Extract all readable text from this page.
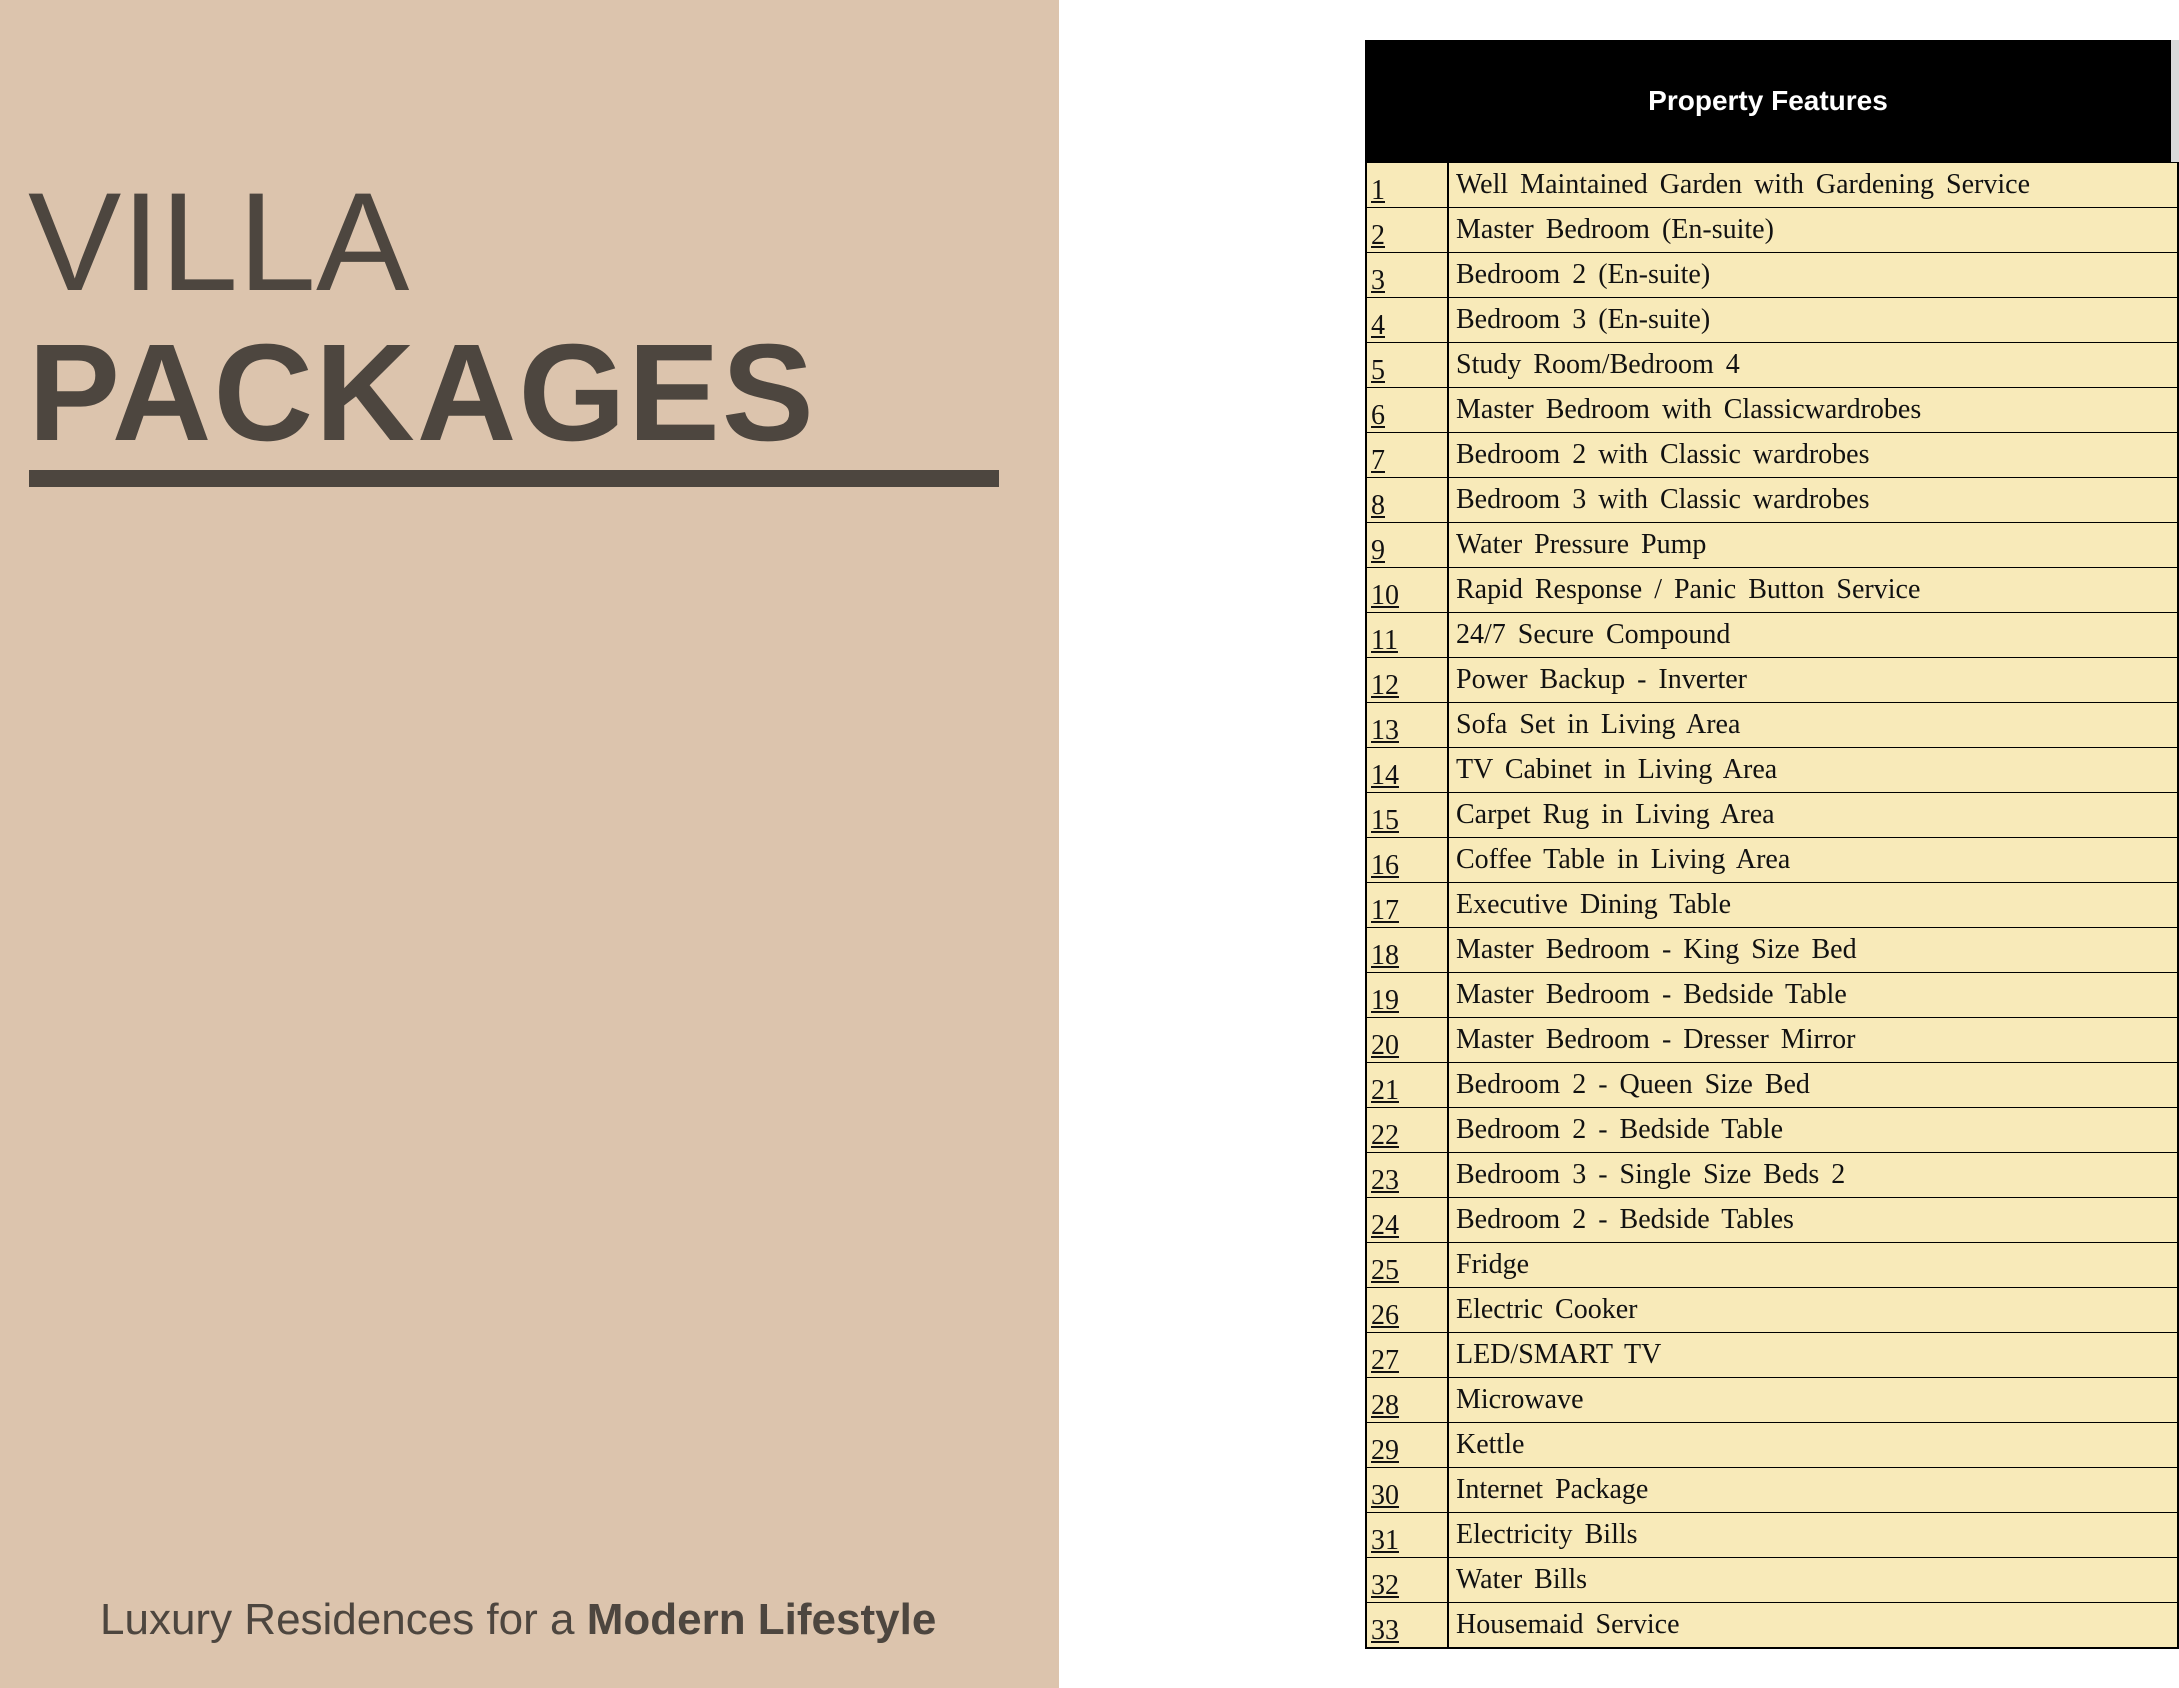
VILLA
PACKAGES
Luxury Residences for a Modern Lifestyle
Property Features
1	Well Maintained Garden with Gardening Service
2	Master Bedroom (En-suite)
3	Bedroom 2 (En-suite)
4	Bedroom 3 (En-suite)
5	Study Room/Bedroom 4
6	Master Bedroom with Classicwardrobes
7	Bedroom 2 with Classic wardrobes
8	Bedroom 3 with Classic wardrobes
9	Water Pressure Pump
10	Rapid Response / Panic Button Service
11	24/7 Secure Compound
12	Power Backup - Inverter
13	Sofa Set in Living Area
14	TV Cabinet in Living Area
15	Carpet Rug in Living Area
16	Coffee Table in Living Area
17	Executive Dining Table
18	Master Bedroom - King Size Bed
19	Master Bedroom - Bedside Table
20	Master Bedroom - Dresser Mirror
21	Bedroom 2 - Queen Size Bed
22	Bedroom 2 - Bedside Table
23	Bedroom 3 - Single Size Beds 2
24	Bedroom 2 - Bedside Tables
25	Fridge
26	Electric Cooker
27	LED/SMART TV
28	Microwave
29	Kettle
30	Internet Package
31	Electricity Bills
32	Water Bills
33	Housemaid Service
